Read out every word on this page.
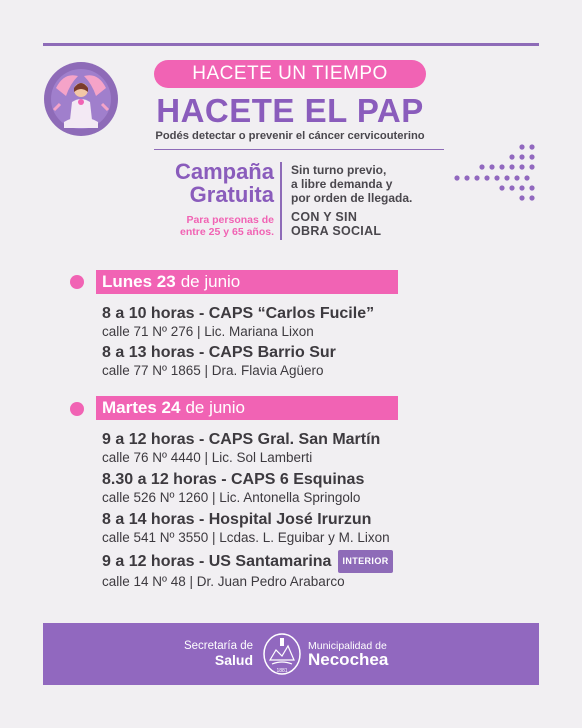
HACETE UN TIEMPO
HACETE EL PAP
Podés detectar o prevenir el cáncer cervicouterino
Campaña
Gratuita
Para personas de
entre 25 y 65 años.
Sin turno previo,
a libre demanda y
por orden de llegada.
CON Y SIN
OBRA SOCIAL
Lunes 23 de junio
8 a 10 horas - CAPS “Carlos Fucile”
calle 71 Nº 276 | Lic. Mariana Lixon
8 a 13 horas - CAPS Barrio Sur
calle 77 Nº 1865 | Dra. Flavia Agüero
Martes 24 de junio
9 a 12 horas - CAPS Gral. San Martín
calle 76 Nº 4440 | Lic. Sol Lamberti
8.30 a 12 horas - CAPS 6 Esquinas
calle 526 Nº 1260 | Lic. Antonella Springolo
8 a 14 horas - Hospital José Irurzun
calle 541 Nº 3550 | Lcdas. L. Eguibar y M. Lixon
9 a 12 horas - US Santamarina	INTERIOR
calle 14 Nº 48 | Dr. Juan Pedro Arabarco
Secretaría de
Salud
1881
Municipalidad de
Necochea
